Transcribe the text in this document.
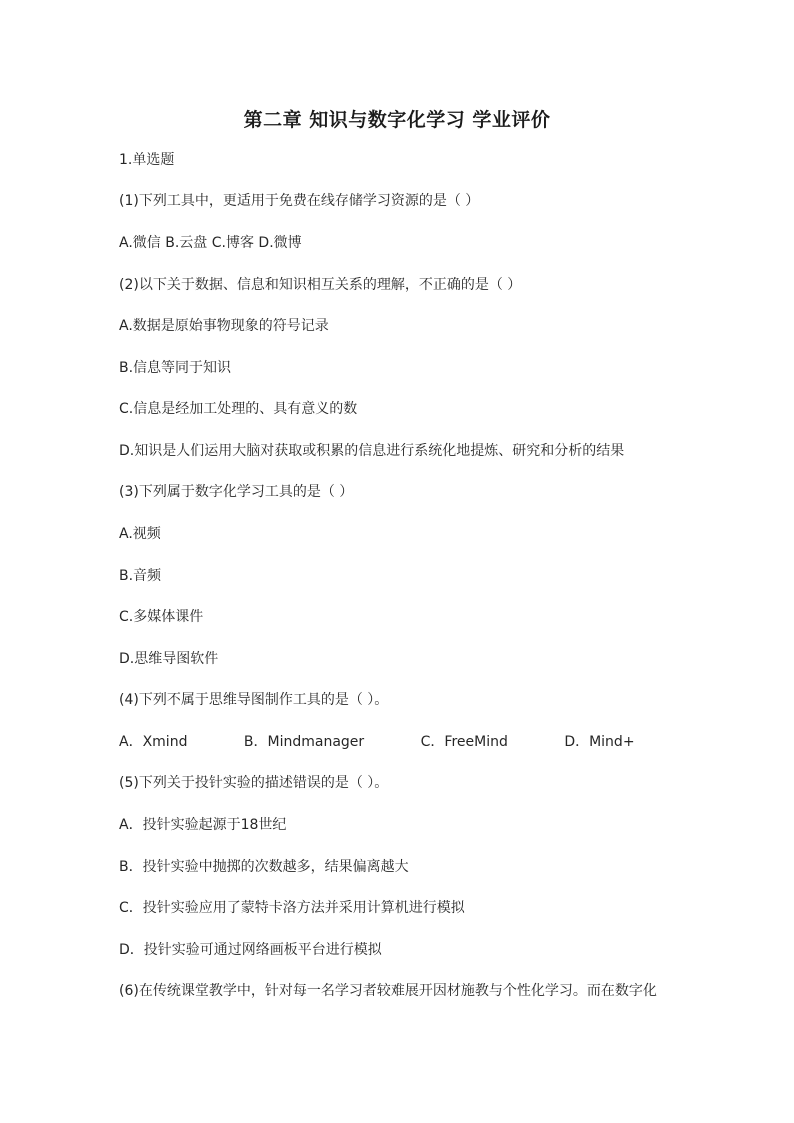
第二章 知识与数字化学习 学业评价
1.单选题
(1)下列工具中，更适用于免费在线存储学习资源的是（ ）
A.微信 B.云盘 C.博客 D.微博
(2)以下关于数据、信息和知识相互关系的理解，不正确的是（ ）
A.数据是原始事物现象的符号记录
B.信息等同于知识
C.信息是经加工处理的、具有意义的数
D.知识是人们运用大脑对获取或积累的信息进行系统化地提炼、研究和分析的结果
(3)下列属于数字化学习工具的是（ ）
A.视频
B.音频
C.多媒体课件
D.思维导图软件
(4)下列不属于思维导图制作工具的是（ ）。
A．Xmind	B．Mindmanager	C．FreeMind	D．Mind+
(5)下列关于投针实验的描述错误的是（ ）。
A．投针实验起源于18世纪
B．投针实验中抛掷的次数越多，结果偏离越大
C．投针实验应用了蒙特卡洛方法并采用计算机进行模拟
D．投针实验可通过网络画板平台进行模拟
(6)在传统课堂教学中，针对每一名学习者较难展开因材施教与个性化学习。而在数字化
